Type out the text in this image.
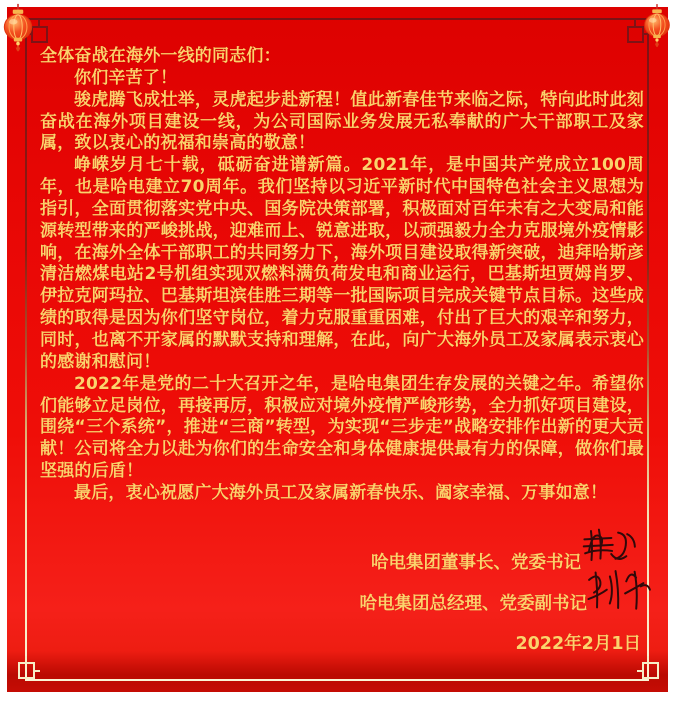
全体奋战在海外一线的同志们：

你们辛苦了！

骏虎腾飞成壮举，灵虎起步赴新程！值此新春佳节来临之际，特向此时此刻奋战在海外项目建设一线，为公司国际业务发展无私奉献的广大干部职工及家属，致以衷心的祝福和崇高的敬意！

峥嵘岁月七十载，砥砺奋进谱新篇。2021年，是中国共产党成立100周年，也是哈电建立70周年。我们坚持以习近平新时代中国特色社会主义思想为指引，全面贯彻落实党中央、国务院决策部署，积极面对百年未有之大变局和能源转型带来的严峻挑战，迎难而上、锐意进取，以顽强毅力全力克服境外疫情影响，在海外全体干部职工的共同努力下，海外项目建设取得新突破，迪拜哈斯彦清洁燃煤电站2号机组实现双燃料满负荷发电和商业运行，巴基斯坦贾姆肖罗、伊拉克阿玛拉、巴基斯坦滨佳胜三期等一批国际项目完成关键节点目标。这些成绩的取得是因为你们坚守岗位，着力克服重重困难，付出了巨大的艰辛和努力，同时，也离不开家属的默默支持和理解，在此，向广大海外员工及家属表示衷心的感谢和慰问！

2022年是党的二十大召开之年，是哈电集团生存发展的关键之年。希望你们能够立足岗位，再接再厉，积极应对境外疫情严峻形势，全力抓好项目建设，围绕“三个系统”，推进“三商”转型，为实现“三步走”战略安排作出新的更大贡献！公司将全力以赴为你们的生命安全和身体健康提供最有力的保障，做你们最坚强的后盾！

最后，衷心祝愿广大海外员工及家属新春快乐、阖家幸福、万事如意！

哈电集团董事长、党委书记
哈电集团总经理、党委副书记
2022年2月1日
